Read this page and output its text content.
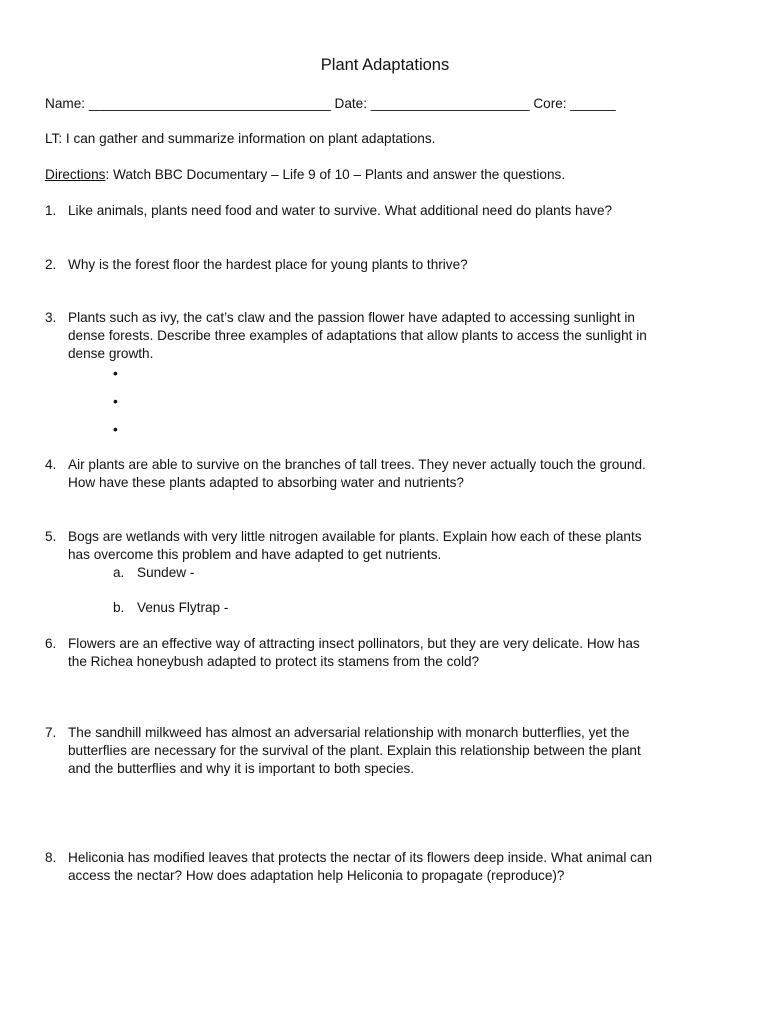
Plant Adaptations
Name: ________________________________ Date: _____________________ Core: ______
LT: I can gather and summarize information on plant adaptations.
Directions: Watch BBC Documentary – Life 9 of 10 – Plants and answer the questions.
1. Like animals, plants need food and water to survive. What additional need do plants have?
2. Why is the forest floor the hardest place for young plants to thrive?
3. Plants such as ivy, the cat’s claw and the passion flower have adapted to accessing sunlight in
dense forests. Describe three examples of adaptations that allow plants to access the sunlight in
dense growth.
•
•
•
4. Air plants are able to survive on the branches of tall trees. They never actually touch the ground.
How have these plants adapted to absorbing water and nutrients?
5. Bogs are wetlands with very little nitrogen available for plants. Explain how each of these plants
has overcome this problem and have adapted to get nutrients.
a. Sundew -
b. Venus Flytrap -
6. Flowers are an effective way of attracting insect pollinators, but they are very delicate. How has
the Richea honeybush adapted to protect its stamens from the cold?
7. The sandhill milkweed has almost an adversarial relationship with monarch butterflies, yet the
butterflies are necessary for the survival of the plant. Explain this relationship between the plant
and the butterflies and why it is important to both species.
8. Heliconia has modified leaves that protects the nectar of its flowers deep inside. What animal can
access the nectar? How does adaptation help Heliconia to propagate (reproduce)?
